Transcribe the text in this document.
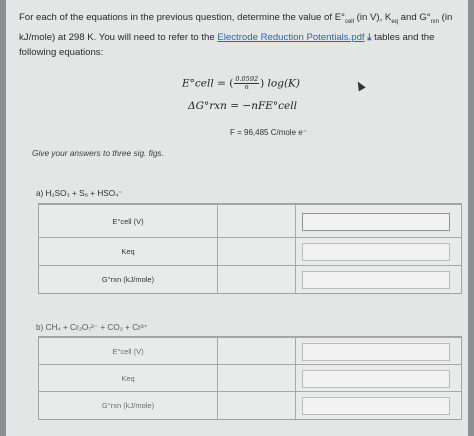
For each of the equations in the previous question, determine the value of $E^\circ_{cell}$ (in V), $K_{eq}$ and $G^\circ_{rxn}$ (in kJ/mole) at 298 K. You will need to refer to the Electrode Reduction Potentials.pdf ⤓ tables and the following equations:
E°cell = ( $\frac{0.0592}{n}$) log(K)
ΔG°rxn = −nFE°cell
F = 96,485 C/mole e⁻
Give your answers to three sig. figs.
a) H₂SO₃ + S₈ + HSO₄⁻
E°cell (V)
Keq
G°rxn (kJ/mole)
b) CH₄ + Cr₂O₇²⁻ + CO₂ + Cr³⁺
E°cell (V)
Keq
G°rxn (kJ/mole)
